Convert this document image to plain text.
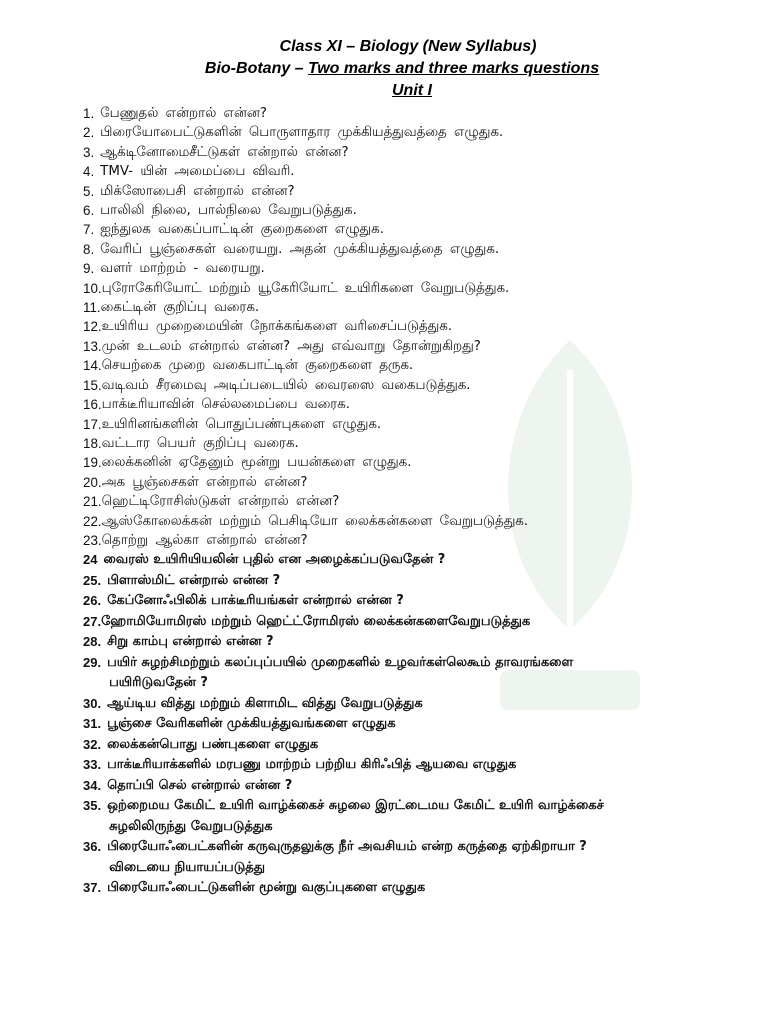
Class XI – Biology (New Syllabus)
Bio-Botany – Two marks and three marks questions
Unit I
1. பேணுதல் என்றால் என்ன?
2. பிரையோபைட்டுகளின் பொருளாதார முக்கியத்துவத்தை எழுதுக.
3. ஆக்டினோமைசீட்டுகள் என்றால் என்ன?
4. TMV- யின் அமைப்பை விவரி.
5. மிக்ஸோபைசி என்றால் என்ன?
6. பாலிலி நிலை, பால்நிலை வேறுபடுத்துக.
7. ஐந்துலக வகைப்பாட்டின் குறைகளை எழுதுக.
8. வேரிப் பூஞ்சைகள் வரையறு. அதன் முக்கியத்துவத்தை எழுதுக.
9. வளர் மாற்றம் - வரையறு.
10. புரோகேரியோட் மற்றும் யூகேரியோட் உயிரிகளை வேறுபடுத்துக.
11. கைட்டின் குறிப்பு வரைக.
12. உயிரிய முறைமையின் நோக்கங்களை வரிசைப்படுத்துக.
13. முன் உடலம் என்றால் என்ன? அது எவ்வாறு தோன்றுகிறது?
14. செயற்கை முறை வகைபாட்டின் குறைகளை தருக.
15. வடிவம் சீரமைவு அடிப்படையில் வைரஸை வகைபடுத்துக.
16. பாக்டீரியாவின் செல்லமைப்பை வரைக.
17. உயிரினங்களின் பொதுப்பண்புகளை எழுதுக.
18. வட்டார பெயர் குறிப்பு வரைக.
19. லைக்கனின் ஏதேனும் மூன்று பயன்களை எழுதுக.
20. அக பூஞ்சைகள் என்றால் என்ன?
21. ஹெட்டிரோசிஸ்டுகள் என்றால் என்ன?
22. ஆஸ்கோலைக்கன் மற்றும் பெசிடியோ லைக்கன்களை வேறுபடுத்துக.
23. தொற்று ஆல்கா என்றால் என்ன?
24 வைரஸ் உயிரியியலின் புதில் என அழைக்கப்படுவதேன் ?
25. பிளாஸ்மிட் என்றால் என்ன ?
26. கேப்னோஃபிலிக் பாக்டீரியங்கள் என்றால் என்ன ?
27. ஹோமியோமிரஸ் மற்றும் ஹெட்ட்ரோமிரஸ் லைக்கன்களைவேறுபடுத்துக
28. சிறு காம்பு என்றால் என்ன ?
29. பயிர் சுழற்சிமற்றும் கலப்புப்பயில் முறைகளில் உழவர்கள்லெகூம் தாவரங்களை
பயிரிடுவதேன் ?
30. ஆய்டிய வித்து மற்றும் கிளாமிட வித்து வேறுபடுத்துக
31. பூஞ்சை வேரிகளின் முக்கியத்துவங்களை எழுதுக
32. லைக்கன்பொது பண்புகளை எழுதுக
33. பாக்டீரியாக்களில் மரபணு மாற்றம் பற்றிய கிரிஃபித் ஆயவை எழுதுக
34. தொப்பி செல் என்றால் என்ன ?
35. ஒற்றைமய கேமிட் உயிரி வாழ்க்கைச் சுழலை இரட்டைமய கேமிட் உயிரி வாழ்க்கைச்
சுழலிலிருந்து வேறுபடுத்துக
36. பிரையோஃபைட்களின் கருவுருதலுக்கு நீர் அவசியம் என்ற கருத்தை ஏற்கிறாயா ?
விடையை நியாயப்படுத்து
37. பிரையோஃபைட்டுகளின் மூன்று வகுப்புகளை எழுதுக
